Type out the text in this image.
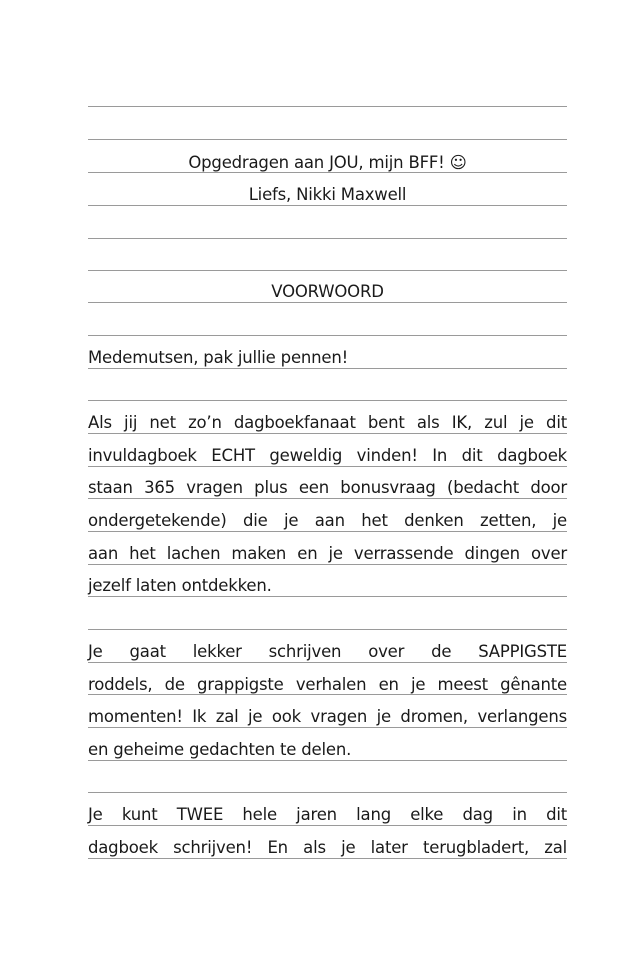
Opgedragen aan JOU, mijn BFF! ☺
Liefs, Nikki Maxwell
VOORWOORD
Medemutsen, pak jullie pennen!
Als jij net zo’n dagboekfanaat bent als IK, zul je dit
invuldagboek ECHT geweldig vinden! In dit dagboek
staan 365 vragen plus een bonusvraag (bedacht door
ondergetekende) die je aan het denken zetten, je
aan het lachen maken en je verrassende dingen over
jezelf laten ontdekken.
Je gaat lekker schrijven over de SAPPIGSTE
roddels, de grappigste verhalen en je meest gênante
momenten! Ik zal je ook vragen je dromen, verlangens
en geheime gedachten te delen.
Je kunt TWEE hele jaren lang elke dag in dit
dagboek schrijven! En als je later terugbladert, zal
